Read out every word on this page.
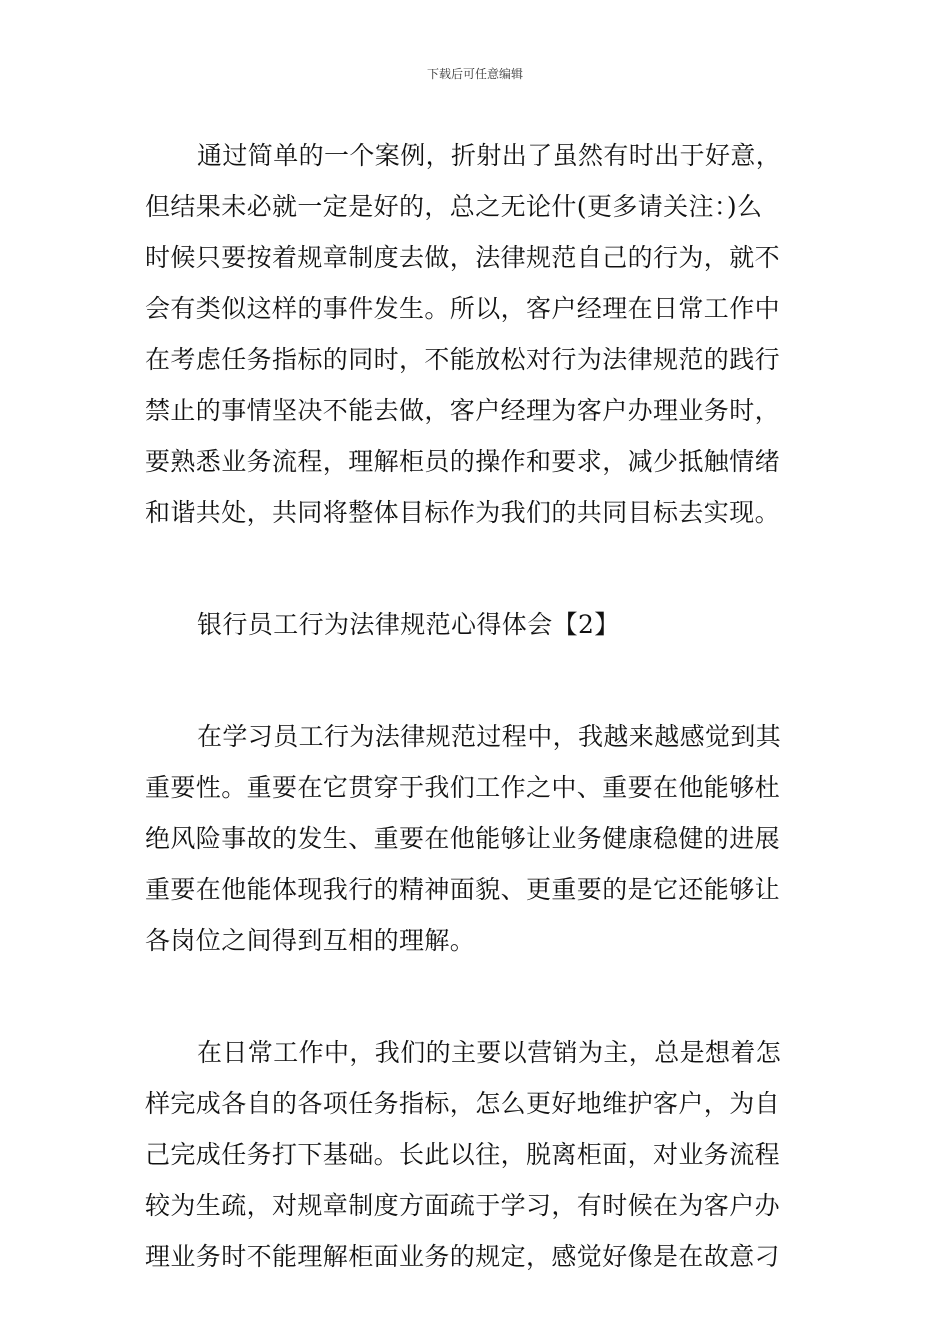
下载后可任意编辑
通过简单的一个案例，折射出了虽然有时出于好意，
但结果未必就一定是好的，总之无论什(更多请关注：)么
时候只要按着规章制度去做，法律规范自己的行为，就不
会有类似这样的事件发生。所以，客户经理在日常工作中
在考虑任务指标的同时，不能放松对行为法律规范的践行
禁止的事情坚决不能去做，客户经理为客户办理业务时，
要熟悉业务流程，理解柜员的操作和要求，减少抵触情绪
和谐共处，共同将整体目标作为我们的共同目标去实现。
银行员工行为法律规范心得体会【2】
在学习员工行为法律规范过程中，我越来越感觉到其
重要性。重要在它贯穿于我们工作之中、重要在他能够杜
绝风险事故的发生、重要在他能够让业务健康稳健的进展
重要在他能体现我行的精神面貌、更重要的是它还能够让
各岗位之间得到互相的理解。
在日常工作中，我们的主要以营销为主，总是想着怎
样完成各自的各项任务指标，怎么更好地维护客户，为自
己完成任务打下基础。长此以往，脱离柜面，对业务流程
较为生疏，对规章制度方面疏于学习，有时候在为客户办
理业务时不能理解柜面业务的规定，感觉好像是在故意刁
